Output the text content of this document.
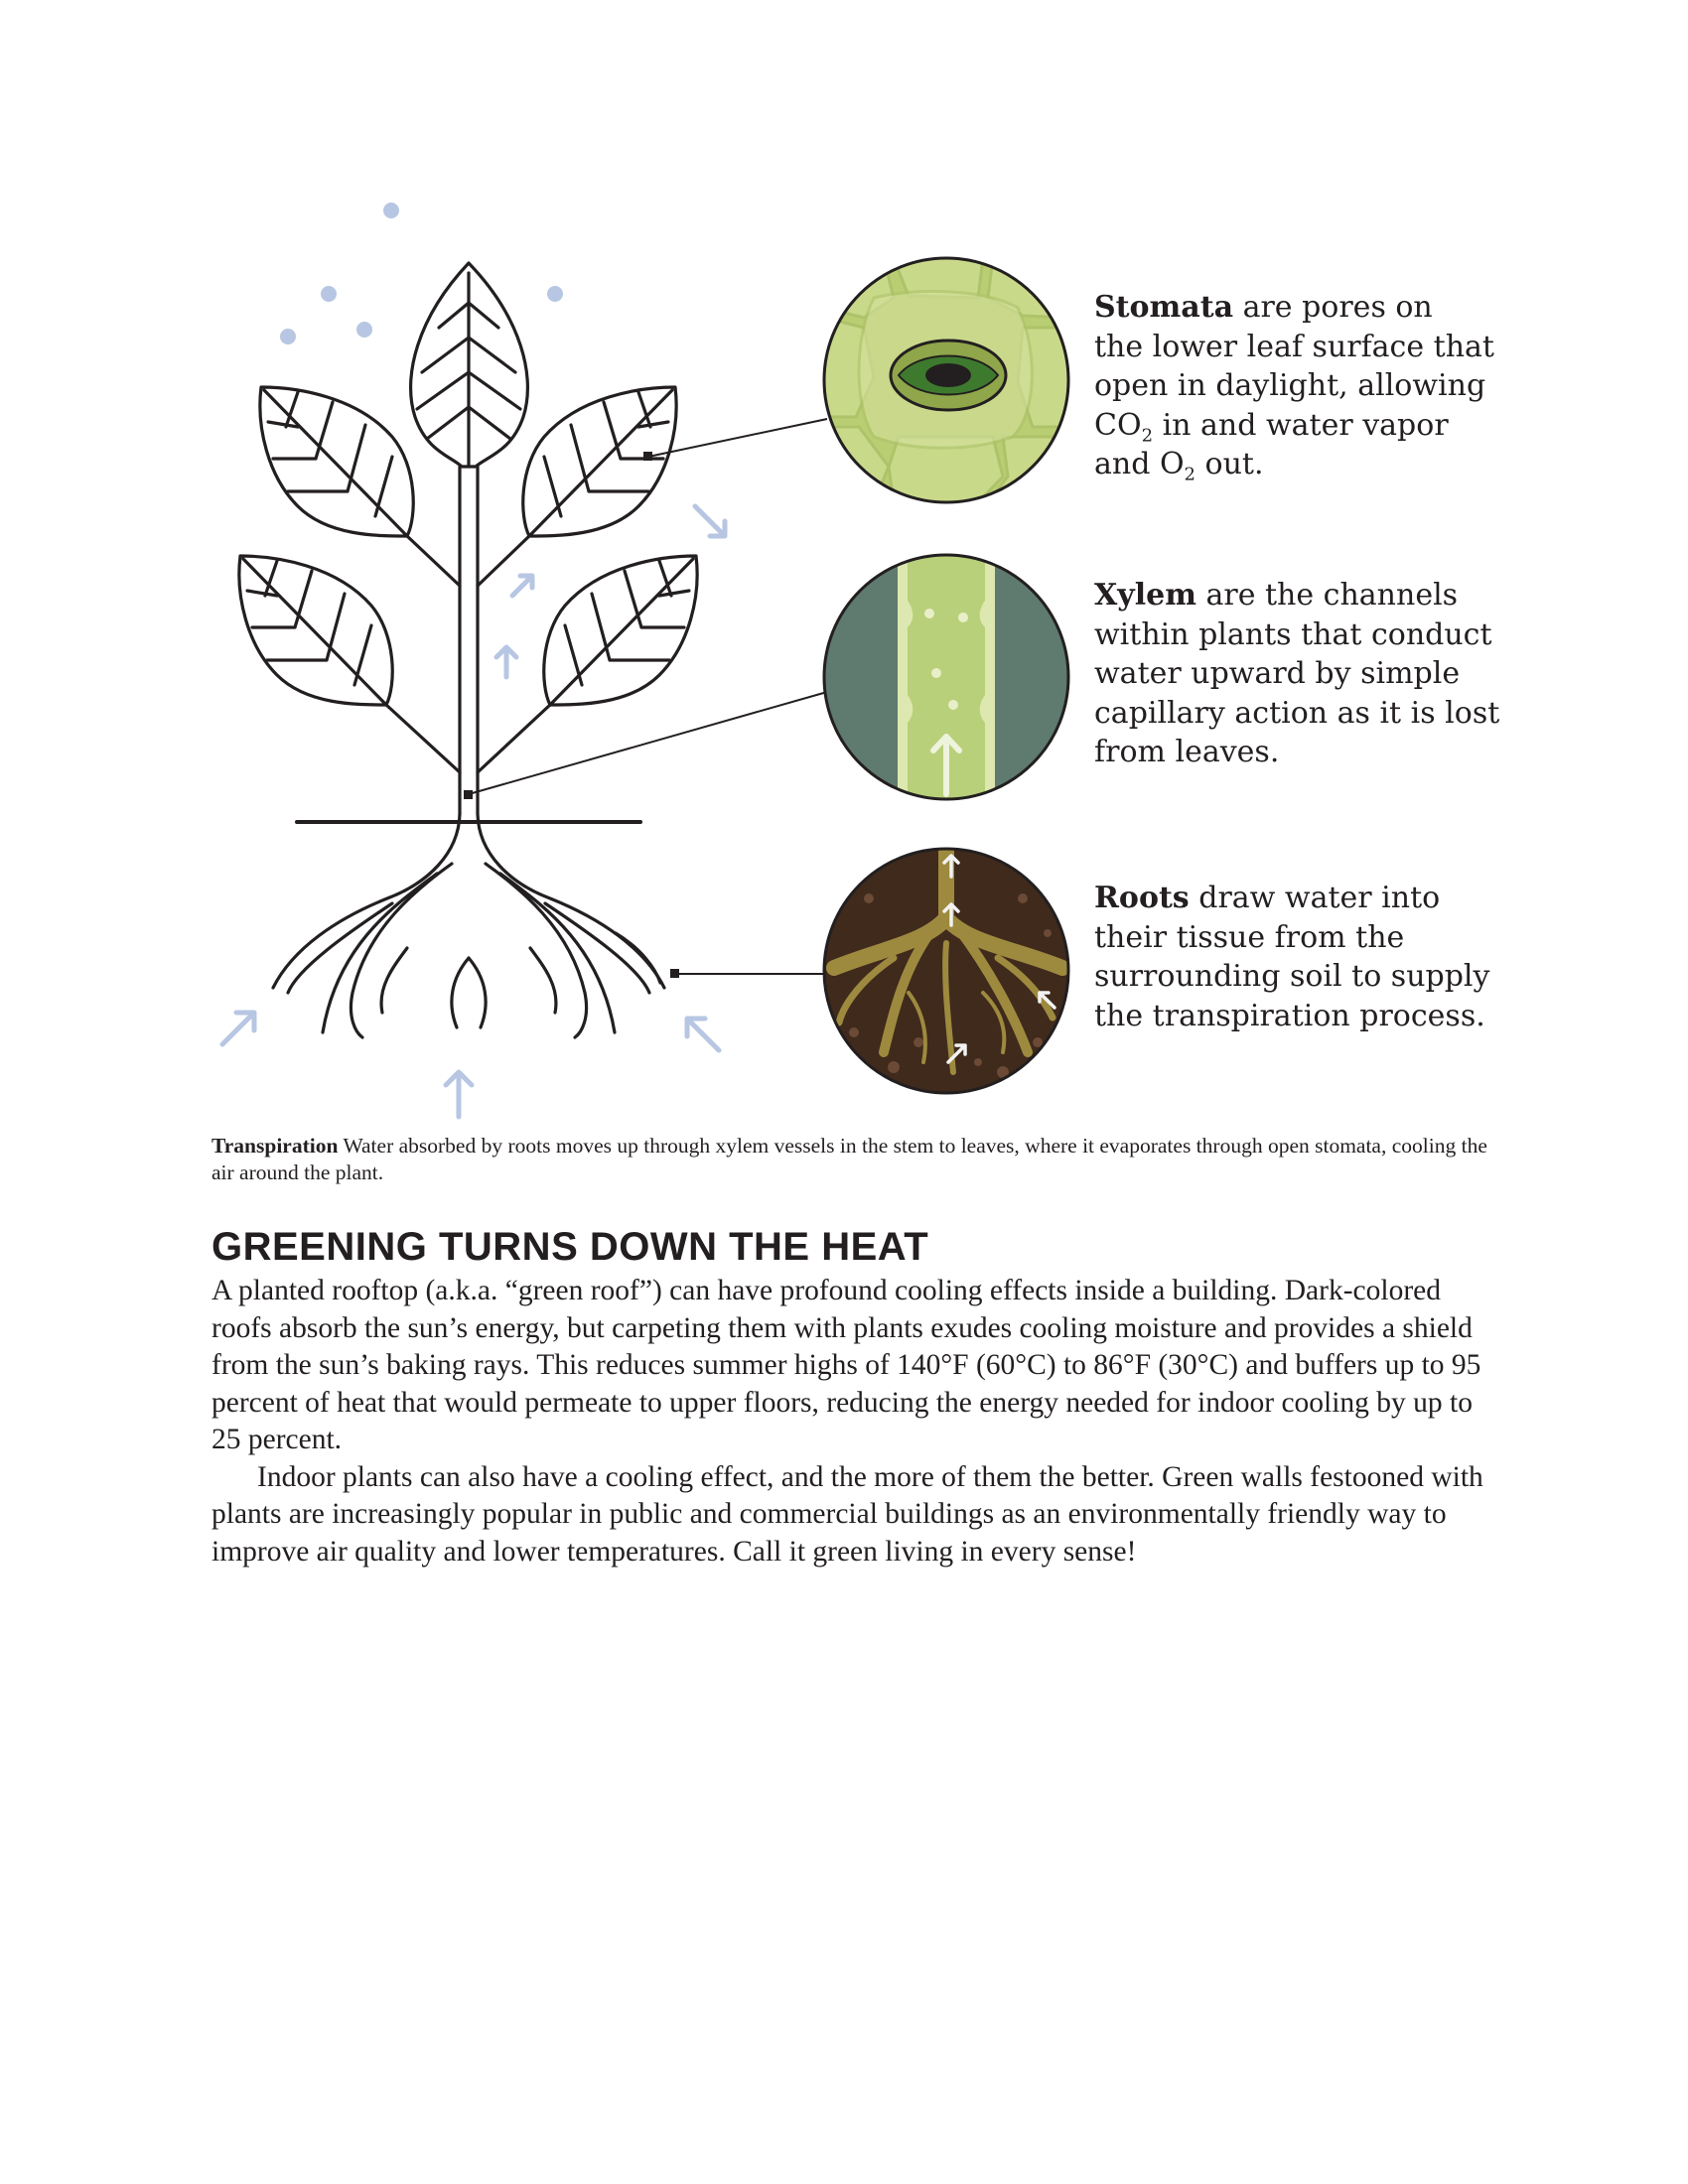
Stomata are pores on
the lower leaf surface that
open in daylight, allowing
$CO_2$ in and water vapor
and $O_2$ out.
Xylem are the channels within plants that conduct water upward by simple capillary action as it is lost from leaves.
Roots draw water into their tissue from the surrounding soil to supply the transpiration process.
Transpiration Water absorbed by roots moves up through xylem vessels in the stem to leaves, where it evaporates through open stomata, cooling the air around the plant.
GREENING TURNS DOWN THE HEAT

A planted rooftop (a.k.a. “green roof”) can have profound cooling effects inside a building. Dark-colored roofs absorb the sun’s energy, but carpeting them with plants exudes cooling moisture and provides a shield from the sun’s baking rays. This reduces summer highs of 140°F (60°C) to 86°F (30°C) and buffers up to 95 percent of heat that would permeate to upper floors, reducing the energy needed for indoor cooling by up to 25 percent.

Indoor plants can also have a cooling effect, and the more of them the better. Green walls festooned with plants are increasingly popular in public and commercial buildings as an environmentally friendly way to improve air quality and lower temperatures. Call it green living in every sense!
